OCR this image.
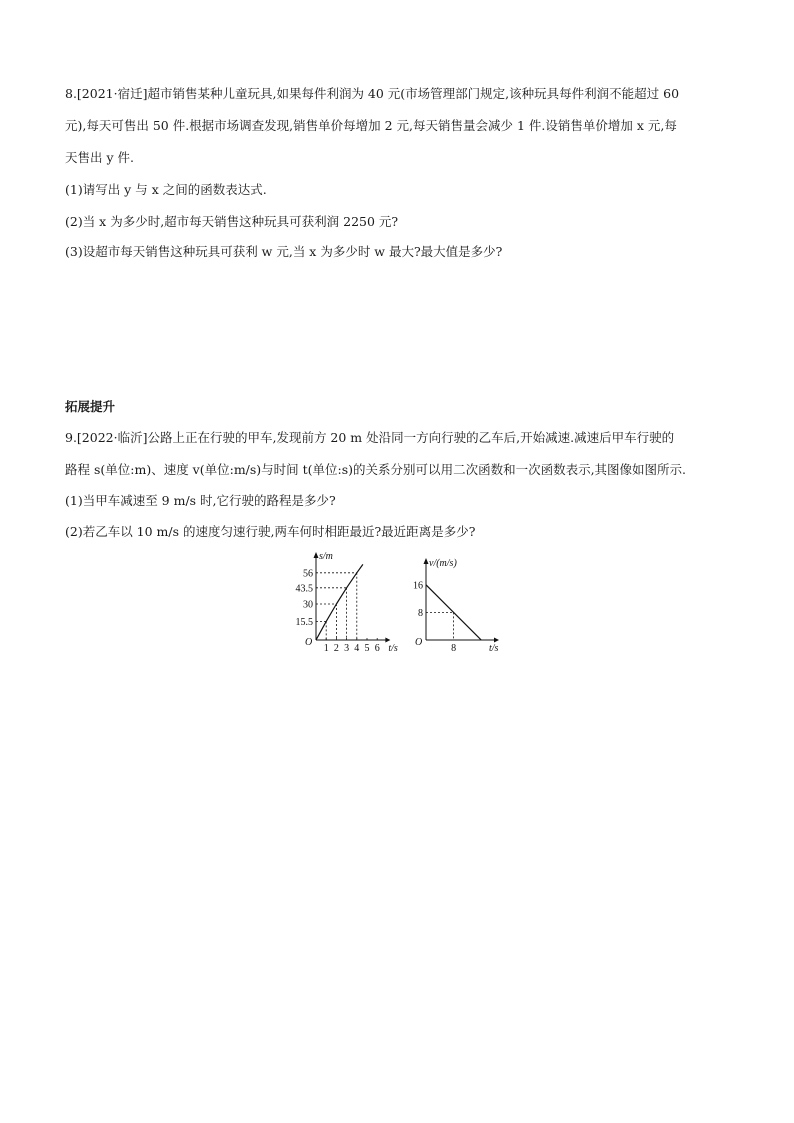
8.[2021·宿迁]超市销售某种儿童玩具,如果每件利润为 40 元(市场管理部门规定,该种玩具每件利润不能超过 60
元),每天可售出 50 件.根据市场调查发现,销售单价每增加 2 元,每天销售量会减少 1 件.设销售单价增加 x 元,每
天售出 y 件.
(1)请写出 y 与 x 之间的函数表达式.
(2)当 x 为多少时,超市每天销售这种玩具可获利润 2250 元?
(3)设超市每天销售这种玩具可获利 w 元,当 x 为多少时 w 最大?最大值是多少?
拓展提升
9.[2022·临沂]公路上正在行驶的甲车,发现前方 20 m 处沿同一方向行驶的乙车后,开始减速.减速后甲车行驶的
路程 s(单位:m)、速度 v(单位:m/s)与时间 t(单位:s)的关系分别可以用二次函数和一次函数表示,其图像如图所示.
(1)当甲车减速至 9 m/s 时,它行驶的路程是多少?
(2)若乙车以 10 m/s 的速度匀速行驶,两车何时相距最近?最近距离是多少?
1 2 3 4 5 6
15.5
30
43.5
56
s/m
t/s
O
8
16
8
v/(m/s)
t/s
O
